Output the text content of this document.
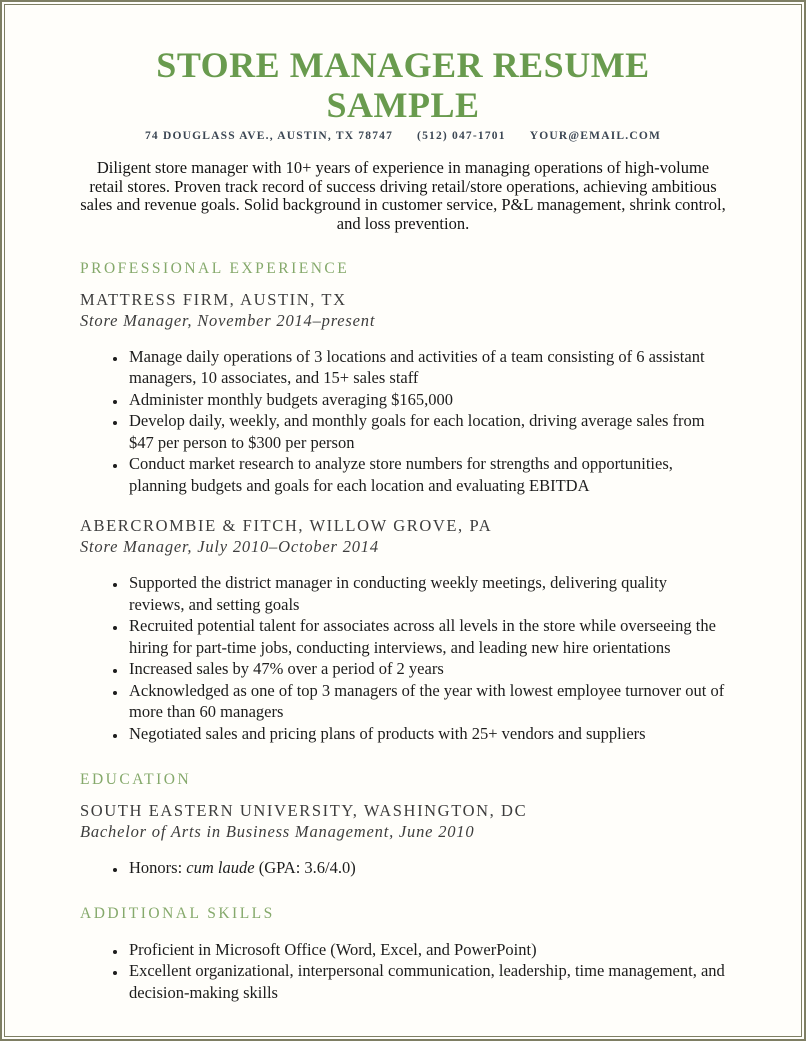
STORE MANAGER RESUME SAMPLE
74 DOUGLASS AVE., AUSTIN, TX 78747 (512) 047-1701 YOUR@EMAIL.COM

Diligent store manager with 10+ years of experience in managing operations of high-volume retail stores. Proven track record of success driving retail/store operations, achieving ambitious sales and revenue goals. Solid background in customer service, P&L management, shrink control, and loss prevention.

PROFESSIONAL EXPERIENCE
MATTRESS FIRM, AUSTIN, TX
Store Manager, November 2014–present
• Manage daily operations of 3 locations and activities of a team consisting of 6 assistant managers, 10 associates, and 15+ sales staff
• Administer monthly budgets averaging $165,000
• Develop daily, weekly, and monthly goals for each location, driving average sales from $47 per person to $300 per person
• Conduct market research to analyze store numbers for strengths and opportunities, planning budgets and goals for each location and evaluating EBITDA
ABERCROMBIE & FITCH, WILLOW GROVE, PA
Store Manager, July 2010–October 2014
• Supported the district manager in conducting weekly meetings, delivering quality reviews, and setting goals
• Recruited potential talent for associates across all levels in the store while overseeing the hiring for part-time jobs, conducting interviews, and leading new hire orientations
• Increased sales by 47% over a period of 2 years
• Acknowledged as one of top 3 managers of the year with lowest employee turnover out of more than 60 managers
• Negotiated sales and pricing plans of products with 25+ vendors and suppliers
EDUCATION
SOUTH EASTERN UNIVERSITY, WASHINGTON, DC
Bachelor of Arts in Business Management, June 2010
• Honors: cum laude (GPA: 3.6/4.0)
ADDITIONAL SKILLS
• Proficient in Microsoft Office (Word, Excel, and PowerPoint)
• Excellent organizational, interpersonal communication, leadership, time management, and decision-making skills
